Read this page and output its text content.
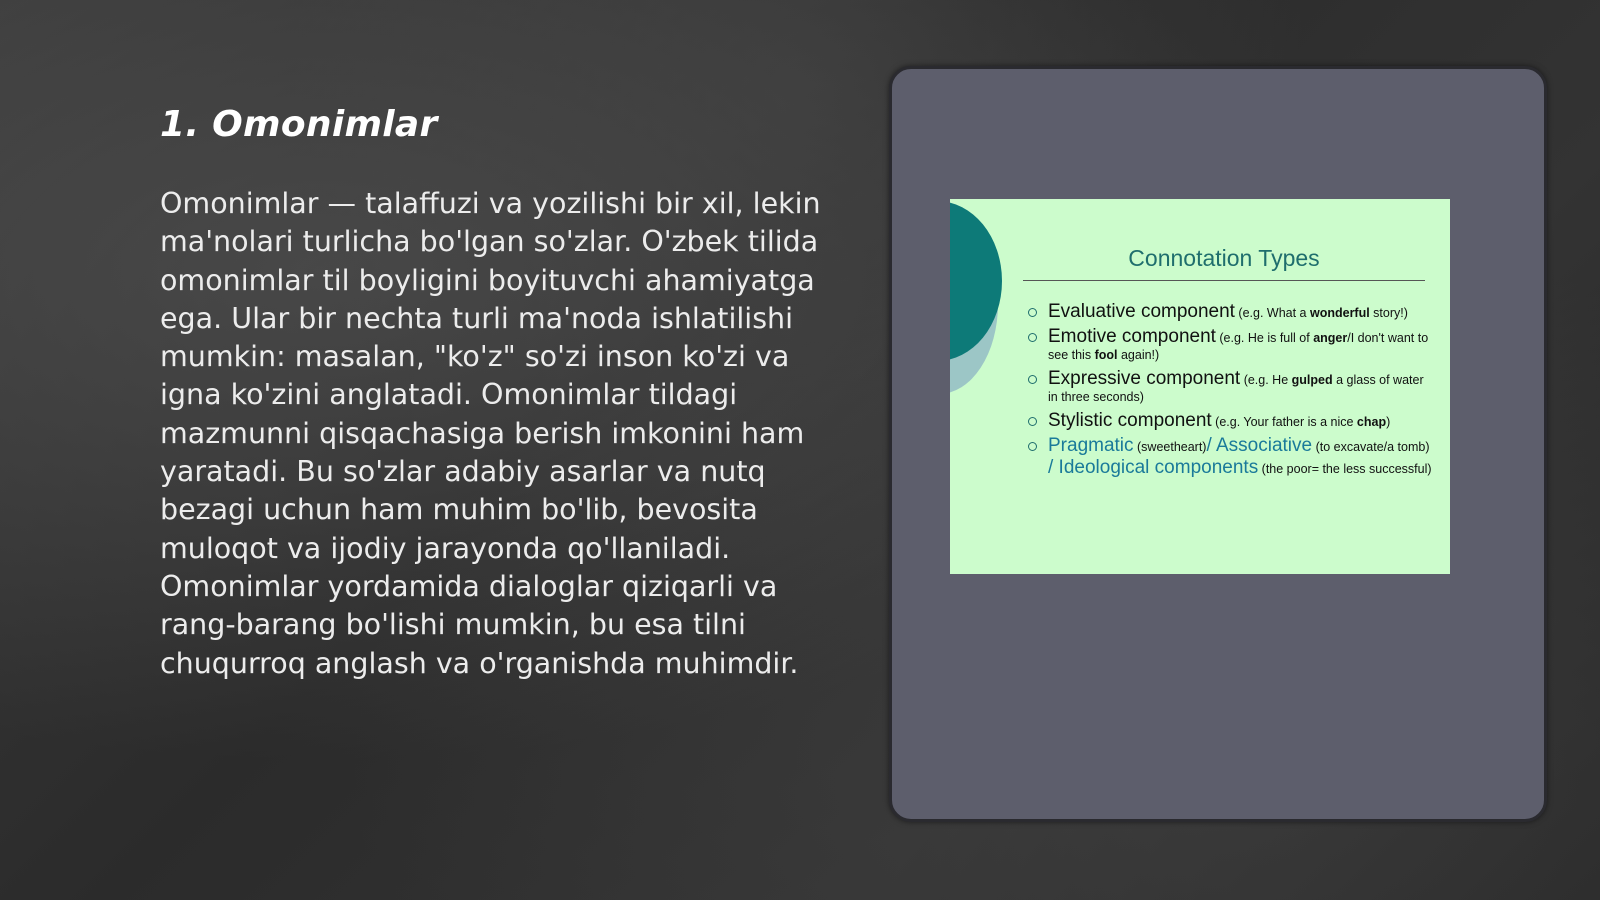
1. Omonimlar
Omonimlar — talaffuzi va yozilishi bir xil, lekin ma'nolari turlicha bo'lgan so'zlar. O'zbek tilida omonimlar til boyligini boyituvchi ahamiyatga ega. Ular bir nechta turli ma'noda ishlatilishi mumkin: masalan, "ko'z" so'zi inson ko'zi va igna ko'zini anglatadi. Omonimlar tildagi mazmunni qisqachasiga berish imkonini ham yaratadi. Bu so'zlar adabiy asarlar va nutq bezagi uchun ham muhim bo'lib, bevosita muloqot va ijodiy jarayonda qo'llaniladi. Omonimlar yordamida dialoglar qiziqarli va rang-barang bo'lishi mumkin, bu esa tilni chuqurroq anglash va o'rganishda muhimdir.
Connotation Types
Evaluative component (e.g. What a wonderful story!)
Emotive component (e.g. He is full of anger/I don't want to see this fool again!)
Expressive component (e.g. He gulped a glass of water in three seconds)
Stylistic component (e.g. Your father is a nice chap)
Pragmatic (sweetheart)/ Associative (to excavate/a tomb) / Ideological components (the poor= the less successful)
